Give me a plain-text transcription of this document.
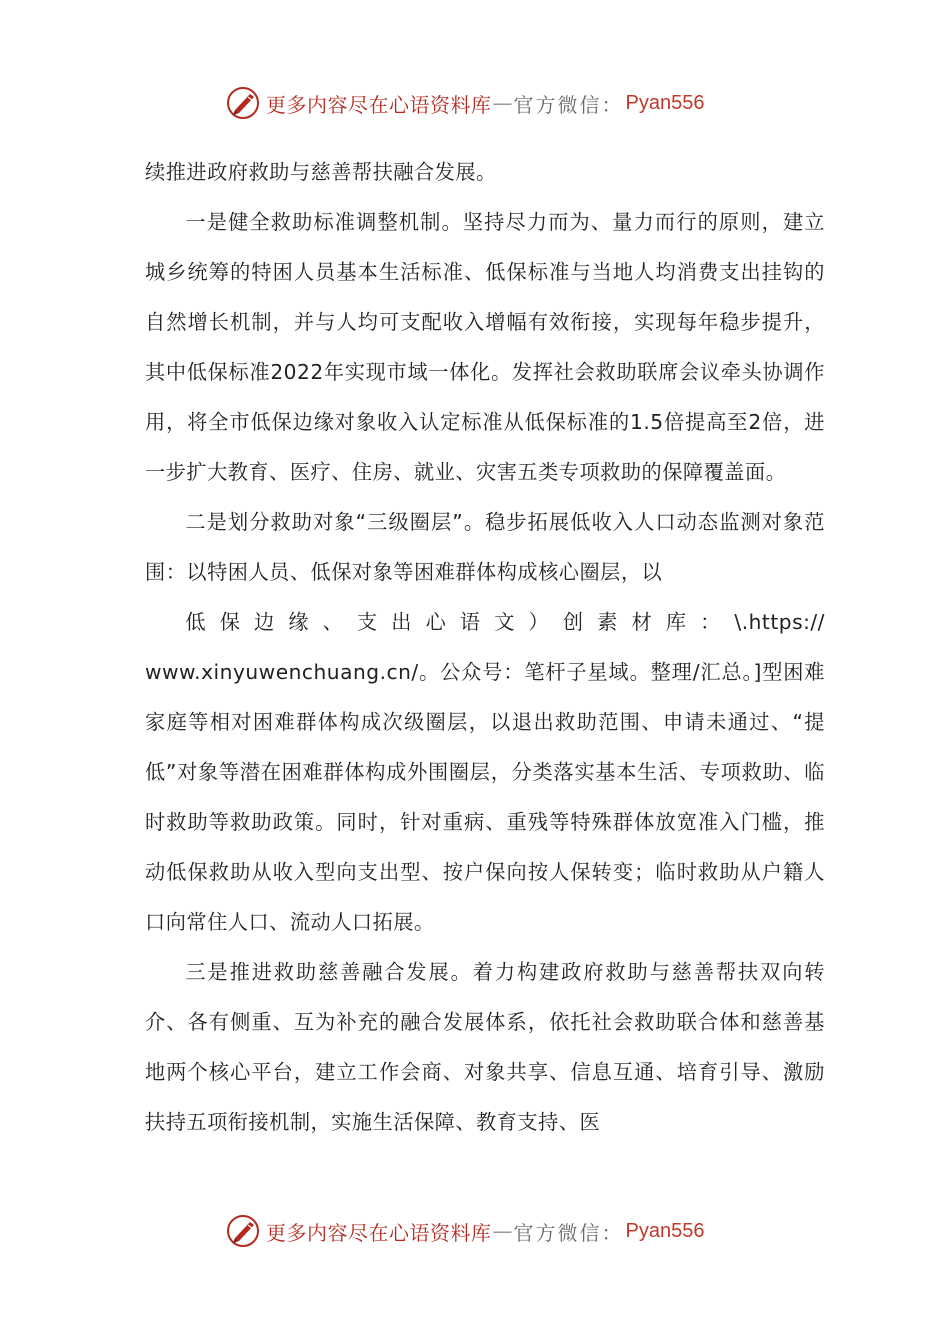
更多内容尽在心语资料库 — 官方微信： Pyan556

续推进政府救助与慈善帮扶融合发展。

一是健全救助标准调整机制。坚持尽力而为、量力而行的原则，建立城乡统筹的特困人员基本生活标准、低保标准与当地人均消费支出挂钩的自然增长机制，并与人均可支配收入增幅有效衔接，实现每年稳步提升，其中低保标准2022年实现市域一体化。发挥社会救助联席会议牵头协调作用，将全市低保边缘对象收入认定标准从低保标准的1.5倍提高至2倍，进一步扩大教育、医疗、住房、就业、灾害五类专项救助的保障覆盖面。

二是划分救助对象“三级圈层”。稳步拓展低收入人口动态监测对象范围：以特困人员、低保对象等困难群体构成核心圈层，以
低保边缘、支出心语文）创素材库：\.https://
www.xinyuwenchuang.cn/。公众号：笔杆子星域。整理/汇总。]型困难家庭等相对困难群体构成次级圈层，以退出救助范围、申请未通过、“提低”对象等潜在困难群体构成外围圈层，分类落实基本生活、专项救助、临时救助等救助政策。同时，针对重病、重残等特殊群体放宽准入门槛，推动低保救助从收入型向支出型、按户保向按人保转变；临时救助从户籍人口向常住人口、流动人口拓展。

三是推进救助慈善融合发展。着力构建政府救助与慈善帮扶双向转介、各有侧重、互为补充的融合发展体系，依托社会救助联合体和慈善基地两个核心平台，建立工作会商、对象共享、信息互通、培育引导、激励扶持五项衔接机制，实施生活保障、教育支持、医

更多内容尽在心语资料库 — 官方微信： Pyan556
